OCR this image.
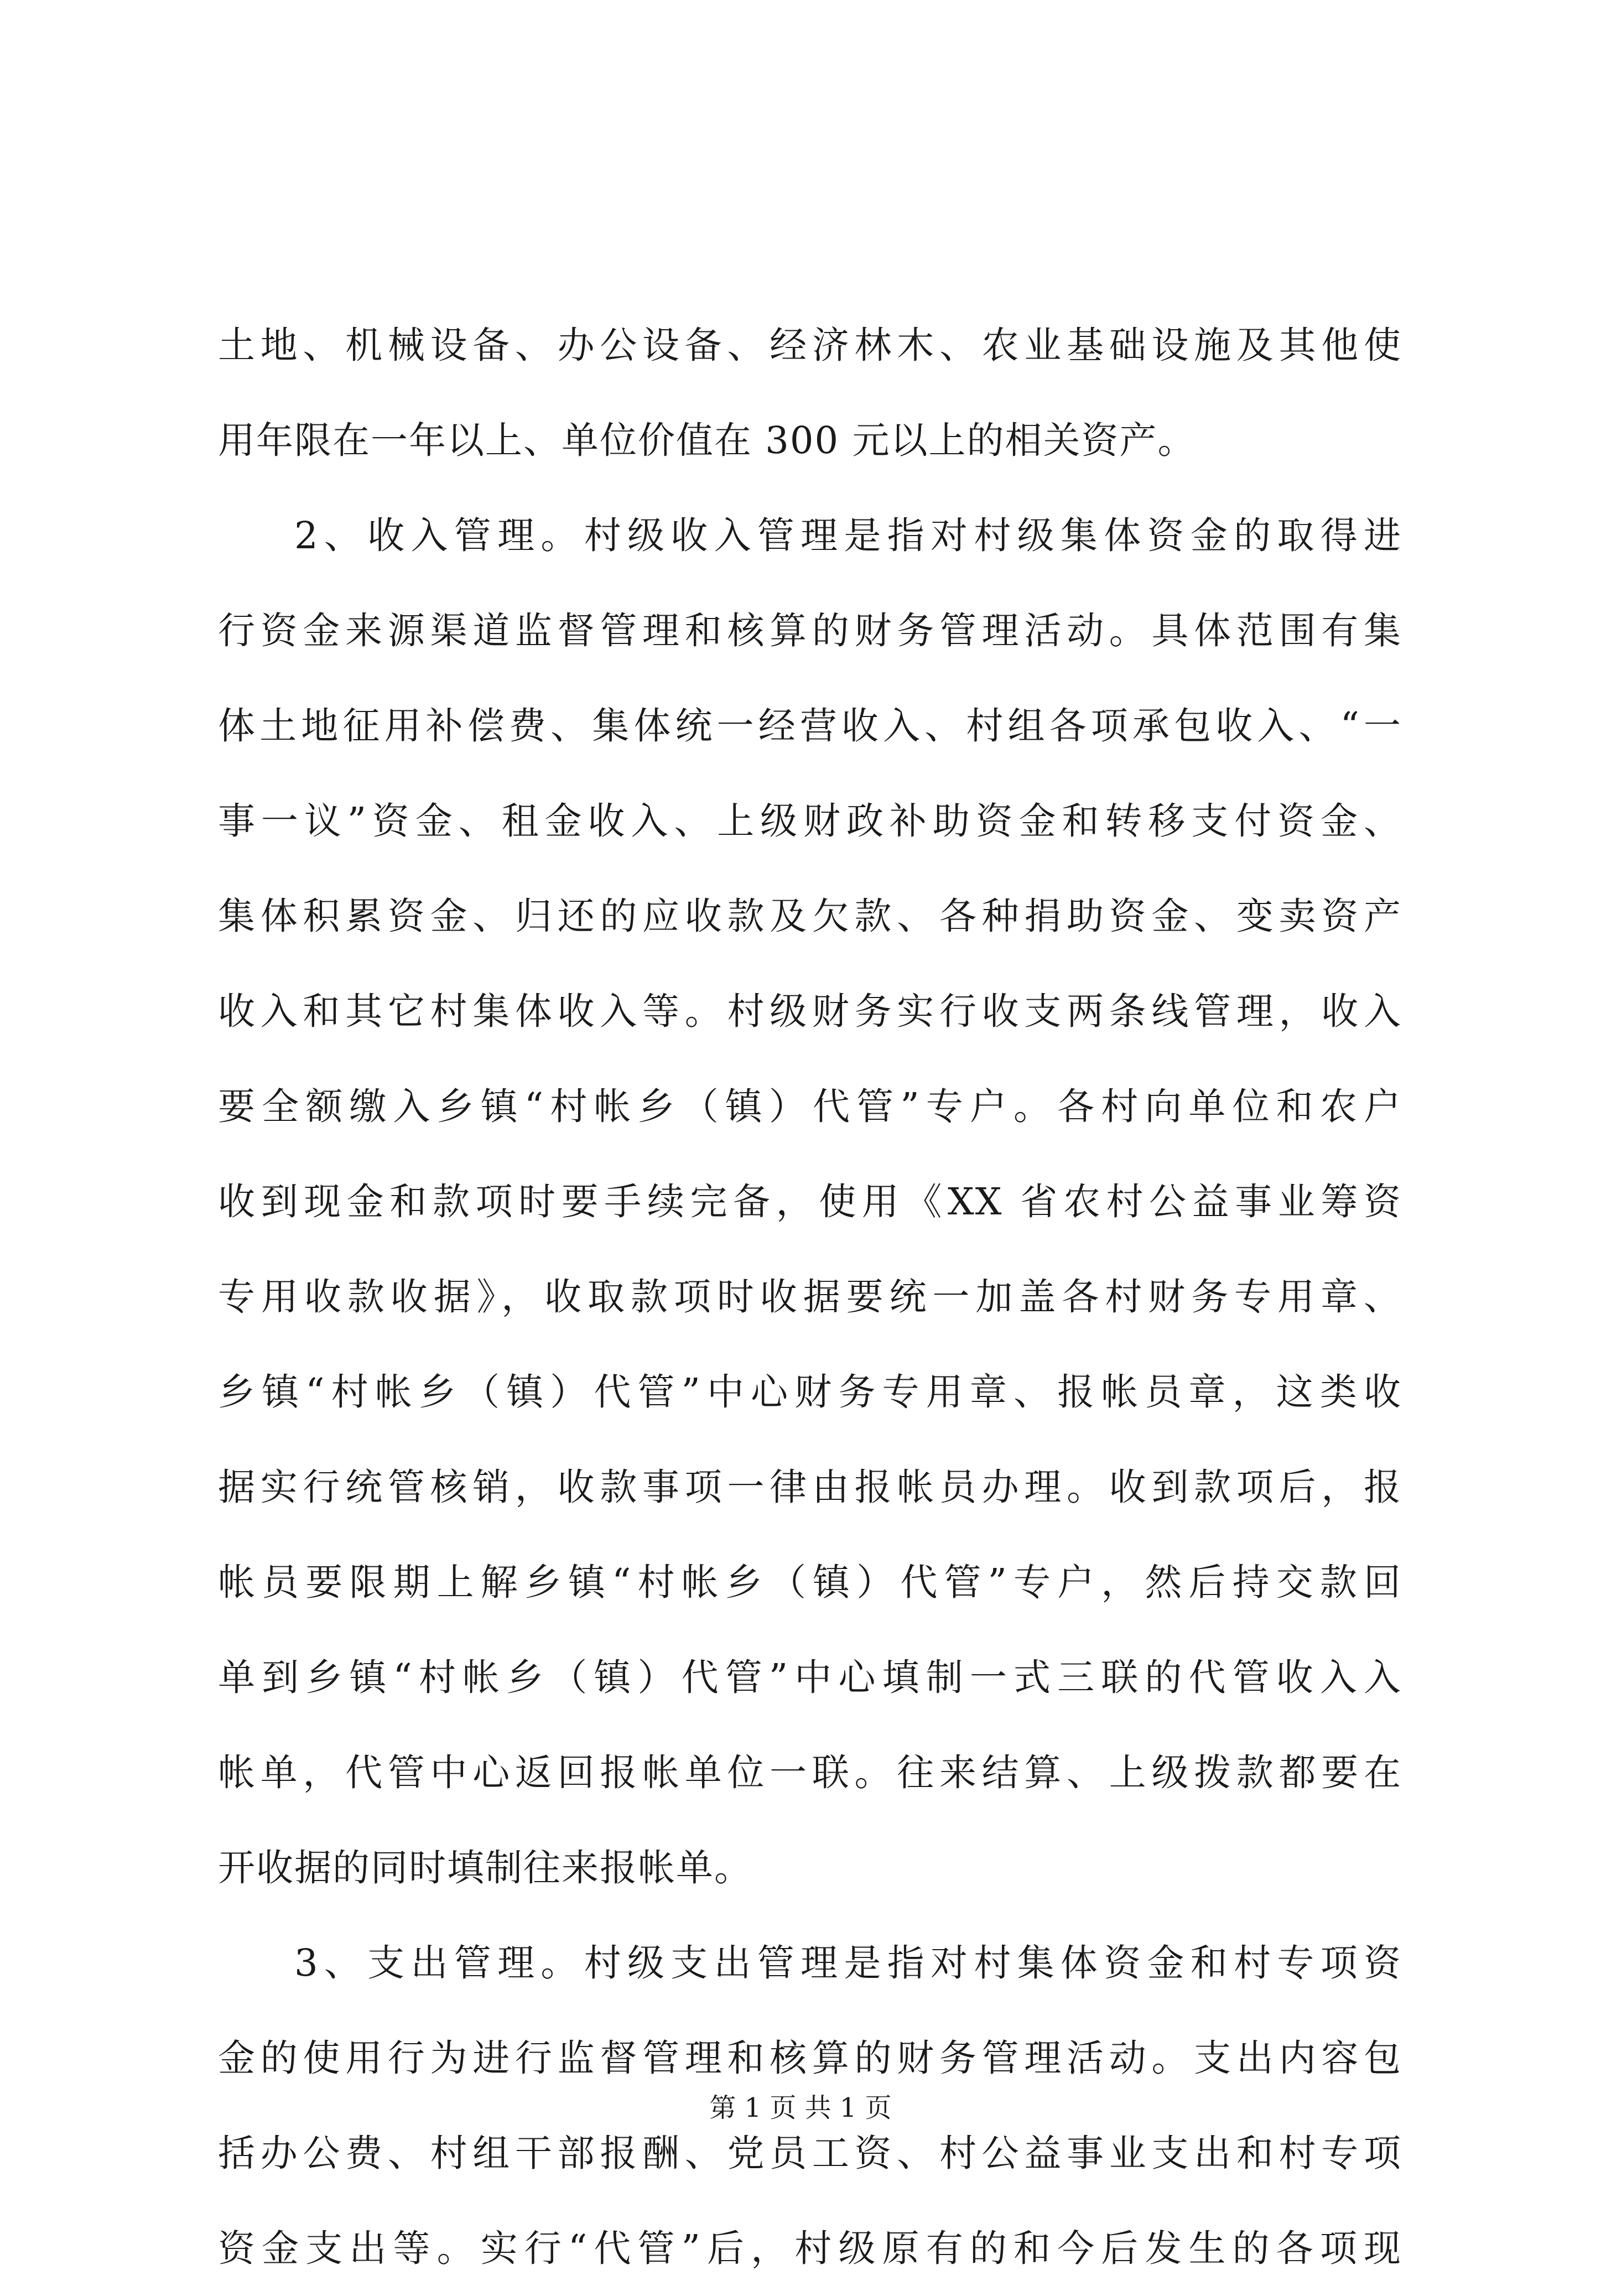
土地、机械设备、办公设备、经济林木、农业基础设施及其他使
用年限在一年以上、单位价值在 300 元以上的相关资产。
2、收入管理。村级收入管理是指对村级集体资金的取得进
行资金来源渠道监督管理和核算的财务管理活动。具体范围有集
体土地征用补偿费、集体统一经营收入、村组各项承包收入、“一
事一议”资金、租金收入、上级财政补助资金和转移支付资金、
集体积累资金、归还的应收款及欠款、各种捐助资金、变卖资产
收入和其它村集体收入等。村级财务实行收支两条线管理，收入
要全额缴入乡镇“村帐乡（镇）代管”专户。各村向单位和农户
收到现金和款项时要手续完备，使用《XX 省农村公益事业筹资
专用收款收据》，收取款项时收据要统一加盖各村财务专用章、
乡镇“村帐乡（镇）代管”中心财务专用章、报帐员章，这类收
据实行统管核销，收款事项一律由报帐员办理。收到款项后，报
帐员要限期上解乡镇“村帐乡（镇）代管”专户，然后持交款回
单到乡镇“村帐乡（镇）代管”中心填制一式三联的代管收入入
帐单，代管中心返回报帐单位一联。往来结算、上级拨款都要在
开收据的同时填制往来报帐单。
3、支出管理。村级支出管理是指对村集体资金和村专项资
金的使用行为进行监督管理和核算的财务管理活动。支出内容包
括办公费、村组干部报酬、党员工资、村公益事业支出和村专项
资金支出等。实行“代管”后，村级原有的和今后发生的各项现
第 1 页 共 1 页
